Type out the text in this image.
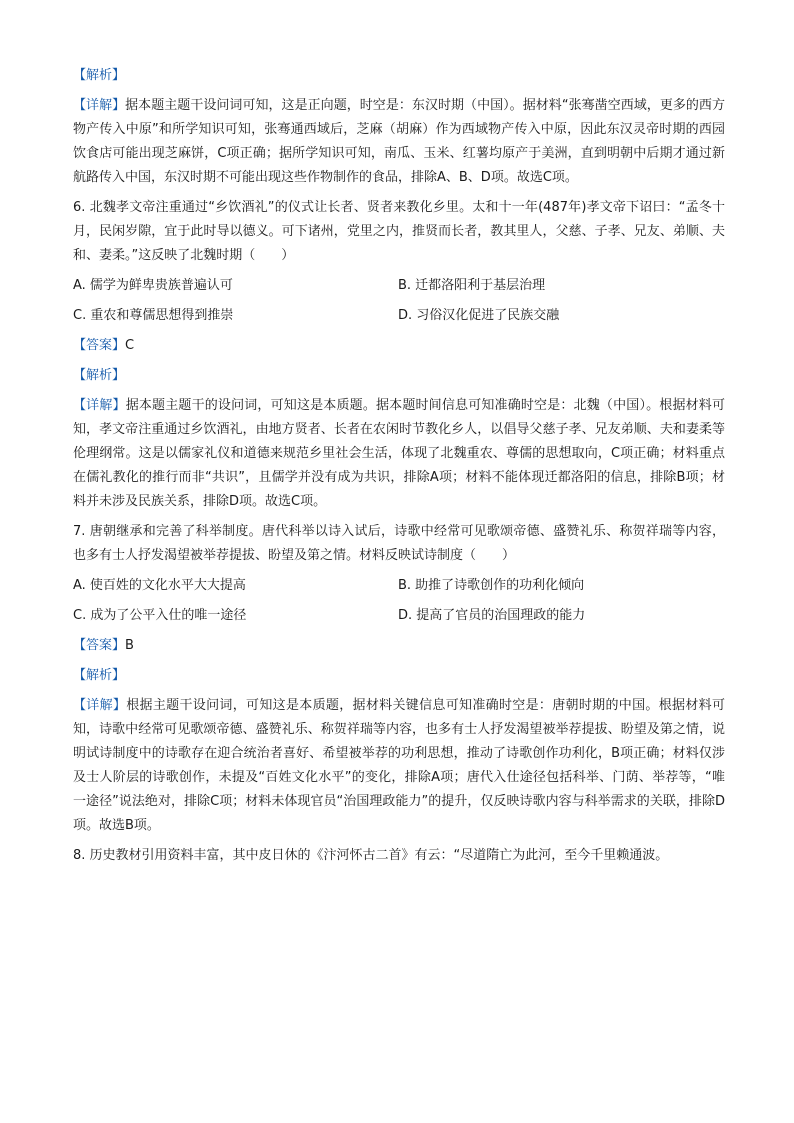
【解析】

【详解】据本题主题干设问词可知，这是正向题，时空是：东汉时期（中国）。据材料“张骞凿空西域，更多的西方物产传入中原”和所学知识可知，张骞通西域后，芝麻（胡麻）作为西域物产传入中原，因此东汉灵帝时期的西园饮食店可能出现芝麻饼，C项正确；据所学知识可知，南瓜、玉米、红薯均原产于美洲，直到明朝中后期才通过新航路传入中国，东汉时期不可能出现这些作物制作的食品，排除A、B、D项。故选C项。

6. 北魏孝文帝注重通过“乡饮酒礼”的仪式让长者、贤者来教化乡里。太和十一年(487年)孝文帝下诏曰：“孟冬十月，民闲岁隙，宜于此时导以德义。可下诸州，党里之内，推贤而长者，教其里人，父慈、子孝、兄友、弟顺、夫和、妻柔。”这反映了北魏时期（　　）

A. 儒学为鲜卑贵族普遍认可	B. 迁都洛阳利于基层治理
C. 重农和尊儒思想得到推崇	D. 习俗汉化促进了民族交融

【答案】C

【解析】

【详解】据本题主题干的设问词，可知这是本质题。据本题时间信息可知准确时空是：北魏（中国）。根据材料可知，孝文帝注重通过乡饮酒礼，由地方贤者、长者在农闲时节教化乡人，以倡导父慈子孝、兄友弟顺、夫和妻柔等伦理纲常。这是以儒家礼仪和道德来规范乡里社会生活，体现了北魏重农、尊儒的思想取向，C项正确；材料重点在儒礼教化的推行而非“共识”，且儒学并没有成为共识，排除A项；材料不能体现迁都洛阳的信息，排除B项；材料并未涉及民族关系，排除D项。故选C项。

7. 唐朝继承和完善了科举制度。唐代科举以诗入试后，诗歌中经常可见歌颂帝德、盛赞礼乐、称贺祥瑞等内容，也多有士人抒发渴望被举荐提拔、盼望及第之情。材料反映试诗制度（　　）

A. 使百姓的文化水平大大提高	B. 助推了诗歌创作的功利化倾向
C. 成为了公平入仕的唯一途径	D. 提高了官员的治国理政的能力

【答案】B

【解析】

【详解】根据主题干设问词，可知这是本质题，据材料关键信息可知准确时空是：唐朝时期的中国。根据材料可知，诗歌中经常可见歌颂帝德、盛赞礼乐、称贺祥瑞等内容，也多有士人抒发渴望被举荐提拔、盼望及第之情，说明试诗制度中的诗歌存在迎合统治者喜好、希望被举荐的功利思想，推动了诗歌创作功利化，B项正确；材料仅涉及士人阶层的诗歌创作，未提及“百姓文化水平”的变化，排除A项；唐代入仕途径包括科举、门荫、举荐等，“唯一途径”说法绝对，排除C项；材料未体现官员“治国理政能力”的提升，仅反映诗歌内容与科举需求的关联，排除D项。故选B项。

8. 历史教材引用资料丰富，其中皮日休的《汴河怀古二首》有云：“尽道隋亡为此河，至今千里赖通波。
